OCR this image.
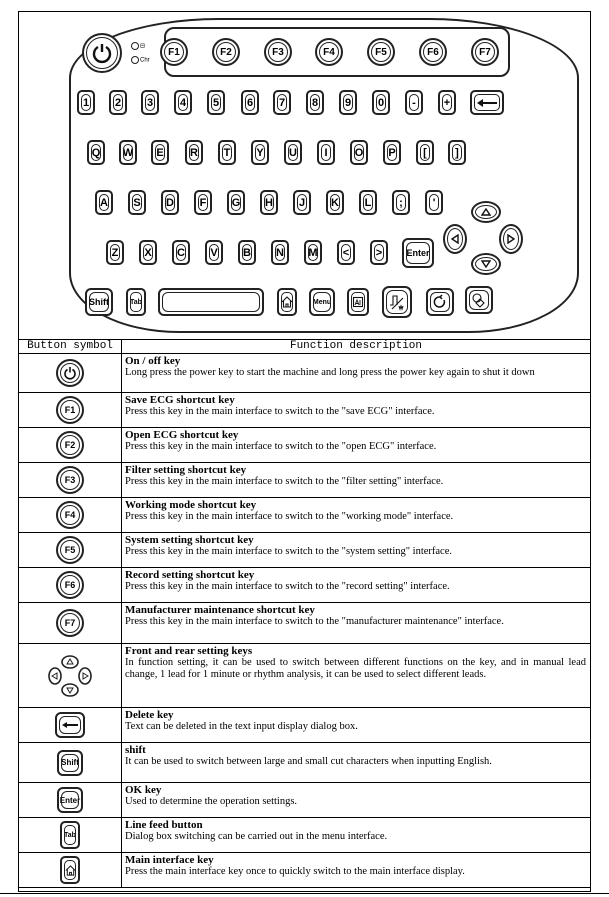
⊟
Chr
F1	F2	F3	F4	F5	F6	F7
1	2	3	4	5	6	7	8	9	0	-	+
Q	W	E	R	T	Y	U	I	O	P	[	]
A	S	D	F	G	H	J	K	L	;	'
Z	X	C	V	B	N	M	<	>	Enter
Shift	Tab	Menu
Button symbol	Function description

On / off key
Long press the power key to start the machine and long press the power key again to shut it down

F1	Save ECG shortcut key
Press this key in the main interface to switch to the "save ECG" interface.

F2	Open ECG shortcut key
Press this key in the main interface to switch to the "open ECG" interface.

F3	Filter setting shortcut key
Press this key in the main interface to switch to the "filter setting" interface.

F4	Working mode shortcut key
Press this key in the main interface to switch to the "working mode" interface.

F5	System setting shortcut key
Press this key in the main interface to switch to the "system setting" interface.

F6	Record setting shortcut key
Press this key in the main interface to switch to the "record setting" interface.

F7	Manufacturer maintenance shortcut key
Press this key in the main interface to switch to the "manufacturer maintenance" interface.

Front and rear setting keys
In function setting, it can be used to switch between different functions on the key, and in manual lead change, 1 lead for 1 minute or rhythm analysis, it can be used to select different leads.

Delete key
Text can be deleted in the text input display dialog box.

Shift	shift
It can be used to switch between large and small cut characters when inputting English.

Enter	OK key
Used to determine the operation settings.

Tab	Line feed button
Dialog box switching can be carried out in the menu interface.

Main interface key
Press the main interface key once to quickly switch to the main interface display.
